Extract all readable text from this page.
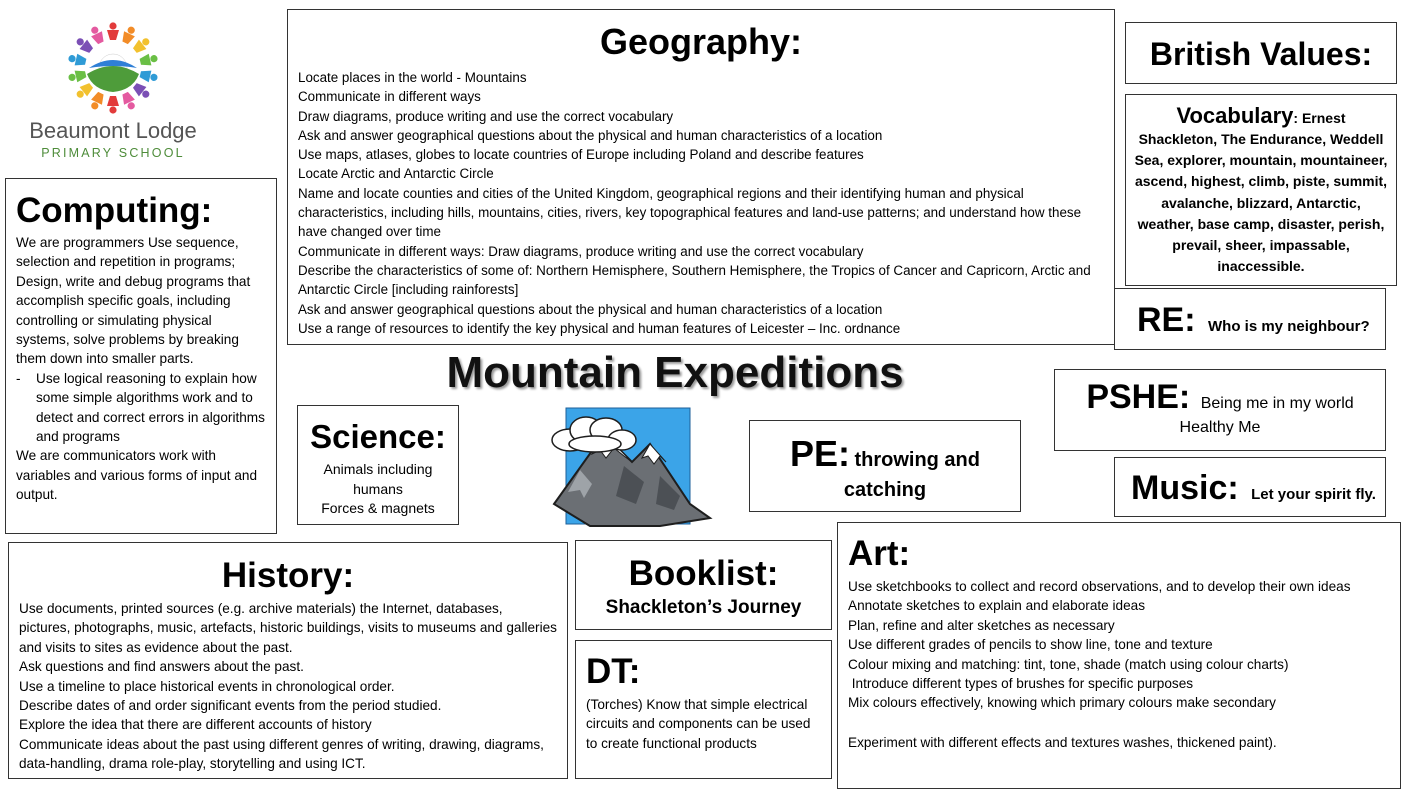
Beaumont Lodge
PRIMARY SCHOOL
Geography:
Locate places in the world - Mountains
Communicate in different ways
Draw diagrams, produce writing and use the correct vocabulary
Ask and answer geographical questions about the physical and human characteristics of a location
Use maps, atlases, globes to locate countries of Europe including Poland and describe features
Locate Arctic and Antarctic Circle
Name and locate counties and cities of the United Kingdom, geographical regions and their identifying human and physical characteristics, including hills, mountains, cities, rivers, key topographical features and land-use patterns; and understand how these have changed over time
Communicate in different ways: Draw diagrams, produce writing and use the correct vocabulary
Describe the characteristics of some of: Northern Hemisphere, Southern Hemisphere, the Tropics of Cancer and Capricorn, Arctic and Antarctic Circle [including rainforests]
Ask and answer geographical questions about the physical and human characteristics of a location
Use a range of resources to identify the key physical and human features of Leicester – Inc. ordnance
British Values:
Vocabulary: Ernest
Shackleton, The Endurance, Weddell Sea, explorer, mountain, mountaineer, ascend, highest, climb, piste, summit, avalanche, blizzard, Antarctic, weather, base camp, disaster, perish, prevail, sheer, impassable, inaccessible.
Computing:
We are programmers Use sequence, selection and repetition in programs; Design, write and debug programs that accomplish specific goals, including controlling or simulating physical systems, solve problems by breaking them down into smaller parts.
-	Use logical reasoning to explain how some simple algorithms work and to detect and correct errors in algorithms and programs
We are communicators work with variables and various forms of input and output.
RE: Who is my neighbour?
Mountain Expeditions	PSHE: Being me in my world
Healthy Me
Science:
Animals including
humans
Forces & magnets
PE: throwing and
catching	Music: Let your spirit fly.
History:
Use documents, printed sources (e.g. archive materials) the Internet, databases, pictures, photographs, music, artefacts, historic buildings, visits to museums and galleries and visits to sites as evidence about the past.
Ask questions and find answers about the past.
Use a timeline to place historical events in chronological order.
Describe dates of and order significant events from the period studied.
Explore the idea that there are different accounts of history
Communicate ideas about the past using different genres of writing, drawing, diagrams, data-handling, drama role-play, storytelling and using ICT.
Booklist:
Shackleton’s Journey
DT:
(Torches) Know that simple electrical circuits and components can be used to create functional products
Art:
Use sketchbooks to collect and record observations, and to develop their own ideas
Annotate sketches to explain and elaborate ideas
Plan, refine and alter sketches as necessary
Use different grades of pencils to show line, tone and texture
Colour mixing and matching: tint, tone, shade (match using colour charts)
Introduce different types of brushes for specific purposes
Mix colours effectively, knowing which primary colours make secondary
Experiment with different effects and textures washes, thickened paint).
